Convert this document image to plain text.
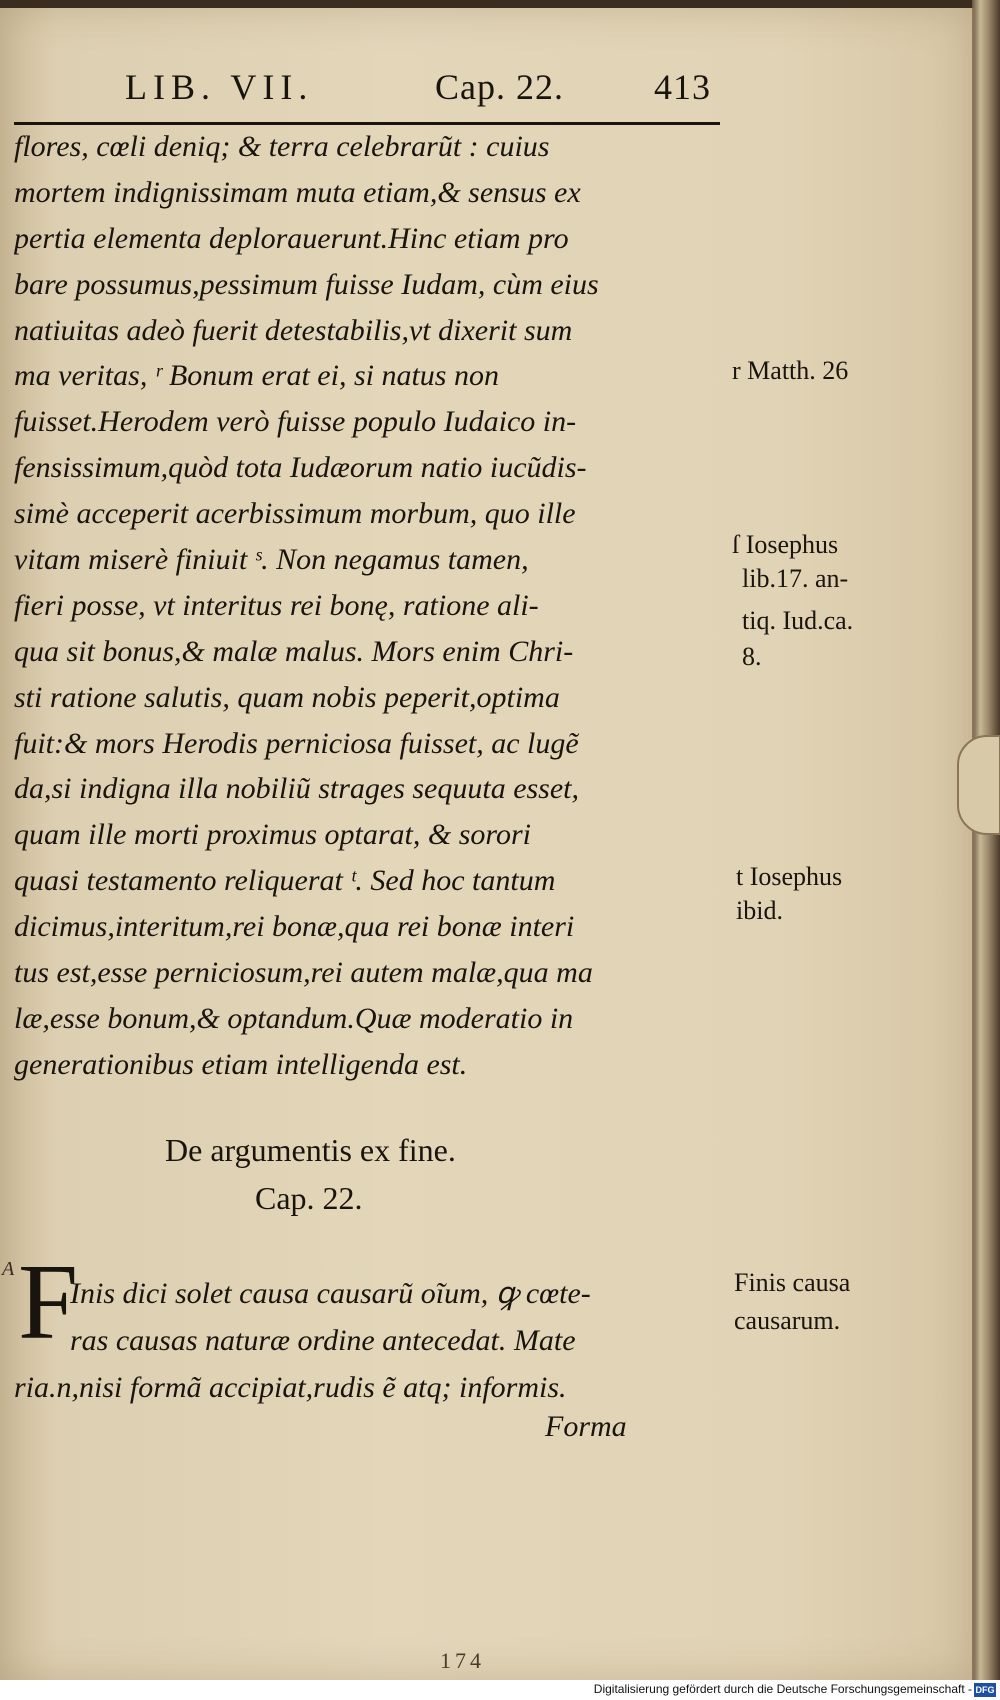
LIB. VII.	Cap. 22.	413
flores, cœli deniq; & terra celebrarũt : cuius
mortem indignissimam muta etiam,& sensus ex
pertia elementa deplorauerunt.Hinc etiam pro
bare possumus,pessimum fuisse Iudam, cùm eius
natiuitas adeò fuerit detestabilis,vt dixerit sum
ma veritas, ʳ Bonum erat ei, si natus non
fuisset.Herodem verò fuisse populo Iudaico in-
fensissimum,quòd tota Iudæorum natio iucũdis-
simè acceperit acerbissimum morbum, quo ille
vitam miserè finiuit ˢ. Non negamus tamen,
fieri posse, vt interitus rei bonę, ratione ali-
qua sit bonus,& malæ malus. Mors enim Chri-
sti ratione salutis, quam nobis peperit,optima
fuit:& mors Herodis perniciosa fuisset, ac lugẽ
da,si indigna illa nobiliũ strages sequuta esset,
quam ille morti proximus optarat, & sorori
quasi testamento reliquerat ᵗ. Sed hoc tantum
dicimus,interitum,rei bonæ,qua rei bonæ interi
tus est,esse perniciosum,rei autem malæ,qua ma
læ,esse bonum,& optandum.Quæ moderatio in
generationibus etiam intelligenda est.
r Matth. 26
ſ Iosephus
lib.17. an-
tiq. Iud.ca.
8.
t Iosephus
ibid.
De argumentis ex fine.
Cap. 22.
A F
Inis dici solet causa causarũ oĩum, ꝙ cœte-
ras causas naturæ ordine antecedat. Mate
ria.n,nisi formã accipiat,rudis ẽ atq; informis.
Forma
Finis causa
causarum.
174
Digitalisierung gefördert durch die Deutsche Forschungsgemeinschaft - DFG
